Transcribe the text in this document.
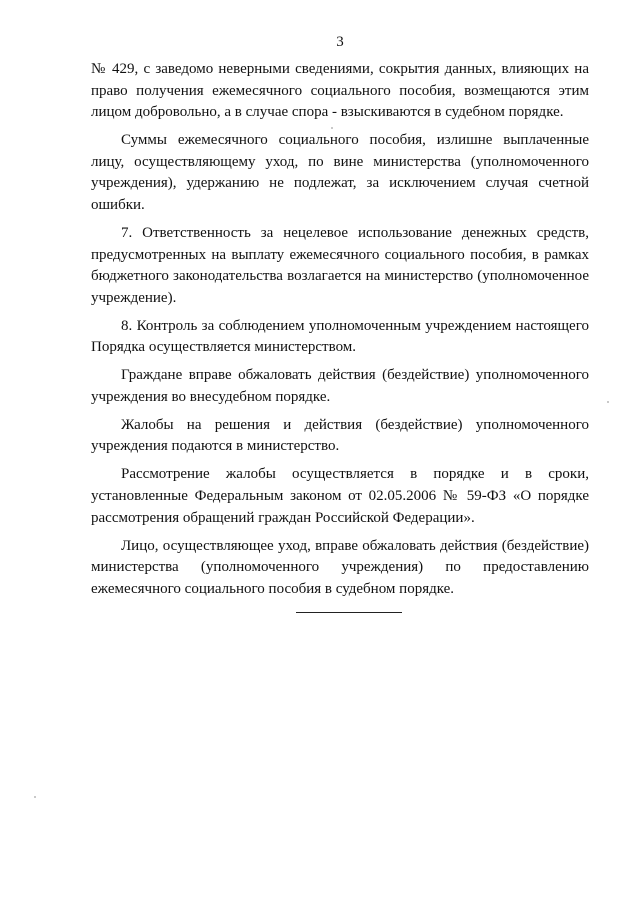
3

№ 429, с заведомо неверными сведениями, сокрытия данных, влияющих на право получения ежемесячного социального пособия, возмещаются этим лицом добровольно, а в случае спора - взыскиваются в судебном порядке.

Суммы ежемесячного социального пособия, излишне выплаченные лицу, осуществляющему уход, по вине министерства (уполномоченного учреждения), удержанию не подлежат, за исключением случая счетной ошибки.

7. Ответственность за нецелевое использование денежных средств, предусмотренных на выплату ежемесячного социального пособия, в рамках бюджетного законодательства возлагается на министерство (уполномоченное учреждение).

8. Контроль за соблюдением уполномоченным учреждением настоящего Порядка осуществляется министерством.

Граждане вправе обжаловать действия (бездействие) уполномоченного учреждения во внесудебном порядке.

Жалобы на решения и действия (бездействие) уполномоченного учреждения подаются в министерство.

Рассмотрение жалобы осуществляется в порядке и в сроки, установленные Федеральным законом от 02.05.2006 № 59-ФЗ «О порядке рассмотрения обращений граждан Российской Федерации».

Лицо, осуществляющее уход, вправе обжаловать действия (бездействие) министерства (уполномоченного учреждения) по предоставлению ежемесячного социального пособия в судебном порядке.
